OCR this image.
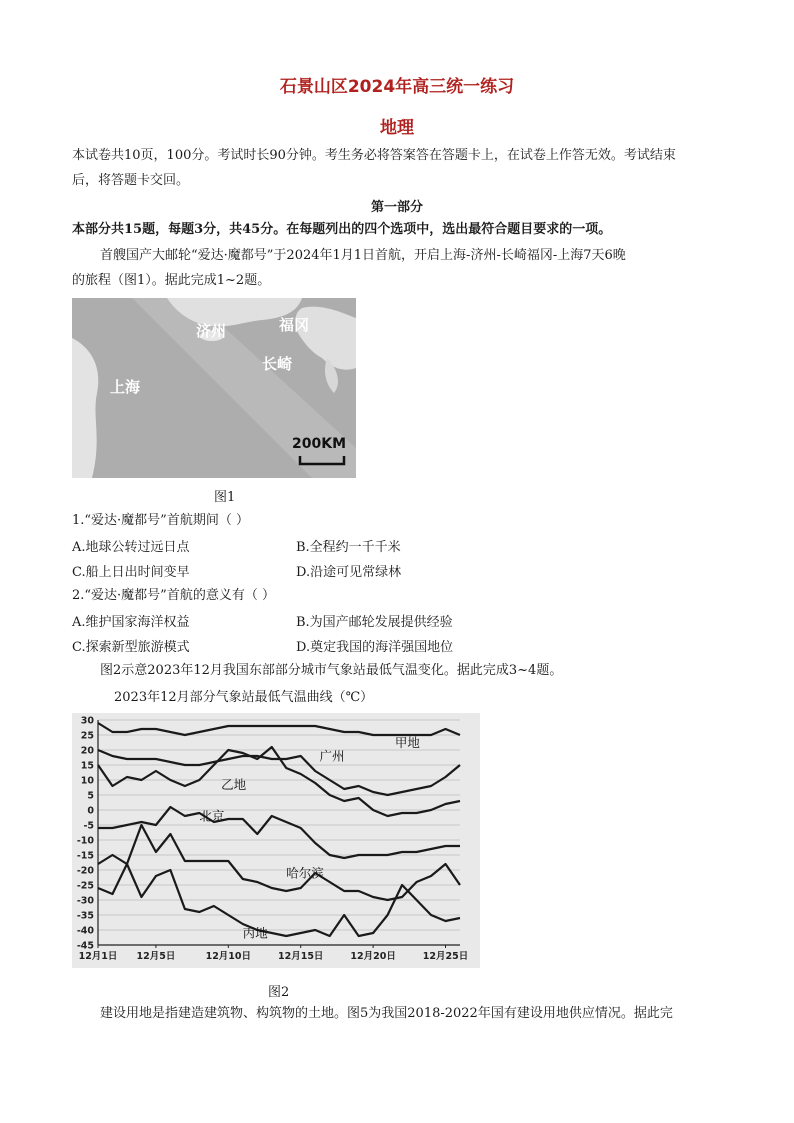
石景山区2024年高三统一练习
地理
本试卷共10页，100分。考试时长90分钟。考生务必将答案答在答题卡上，在试卷上作答无效。考试结束
后，将答题卡交回。
第一部分
本部分共15题，每题3分，共45分。在每题列出的四个选项中，选出最符合题目要求的一项。
首艘国产大邮轮“爱达·魔都号”于2024年1月1日首航，开启上海-济州-长崎福冈-上海7天6晚
的旅程（图1）。据此完成1~2题。
济州	福冈
长崎
上海
200KM
图1
1.“爱达·魔都号”首航期间（ ）
A.地球公转过远日点	B.全程约一千千米
C.船上日出时间变早	D.沿途可见常绿林
2.“爱达·魔都号”首航的意义有（ ）
A.维护国家海洋权益	B.为国产邮轮发展提供经验
C.探索新型旅游模式	D.奠定我国的海洋强国地位
图2示意2023年12月我国东部部分城市气象站最低气温变化。据此完成3~4题。
2023年12月部分气象站最低气温曲线（℃）
30
25
20
15
10
5
0
-5
-10
-15
-20
-25
-30
-35
-40
-45
12月1日 12月5日	12月10日	12月15日	12月20日	12月25日
甲地
广州
乙地
北京
哈尔滨
丙地
图2
建设用地是指建造建筑物、构筑物的土地。图5为我国2018-2022年国有建设用地供应情况。据此完
